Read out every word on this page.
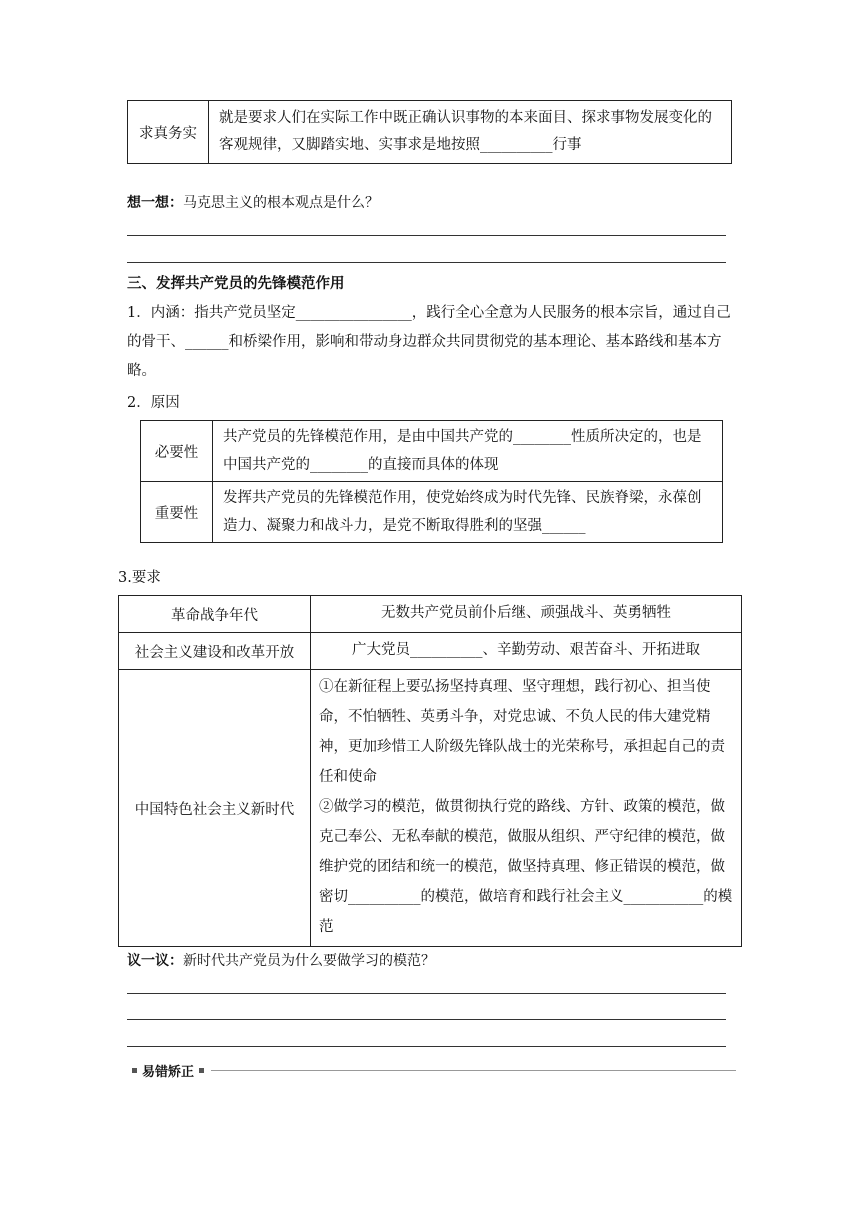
求真务实	就是要求人们在实际工作中既正确认识事物的本来面目、探求事物发展变化的客观规律，又脚踏实地、实事求是地按照__________行事
想一想：马克思主义的根本观点是什么？
三、发挥共产党员的先锋模范作用
1．内涵：指共产党员坚定________________，践行全心全意为人民服务的根本宗旨，通过自己的骨干、______和桥梁作用，影响和带动身边群众共同贯彻党的基本理论、基本路线和基本方略。
2．原因
必要性	共产党员的先锋模范作用，是由中国共产党的________性质所决定的，也是中国共产党的________的直接而具体的体现
重要性	发挥共产党员的先锋模范作用，使党始终成为时代先锋、民族脊梁，永葆创造力、凝聚力和战斗力，是党不断取得胜利的坚强______
3.要求
革命战争年代	无数共产党员前仆后继、顽强战斗、英勇牺牲
社会主义建设和改革开放	广大党员__________、辛勤劳动、艰苦奋斗、开拓进取
中国特色社会主义新时代	①在新征程上要弘扬坚持真理、坚守理想，践行初心、担当使命，不怕牺牲、英勇斗争，对党忠诚、不负人民的伟大建党精神，更加珍惜工人阶级先锋队战士的光荣称号，承担起自己的责任和使命
②做学习的模范，做贯彻执行党的路线、方针、政策的模范，做克己奉公、无私奉献的模范，做服从组织、严守纪律的模范，做维护党的团结和统一的模范，做坚持真理、修正错误的模范，做密切__________的模范，做培育和践行社会主义___________的模范
议一议：新时代共产党员为什么要做学习的模范？
易错矫正
